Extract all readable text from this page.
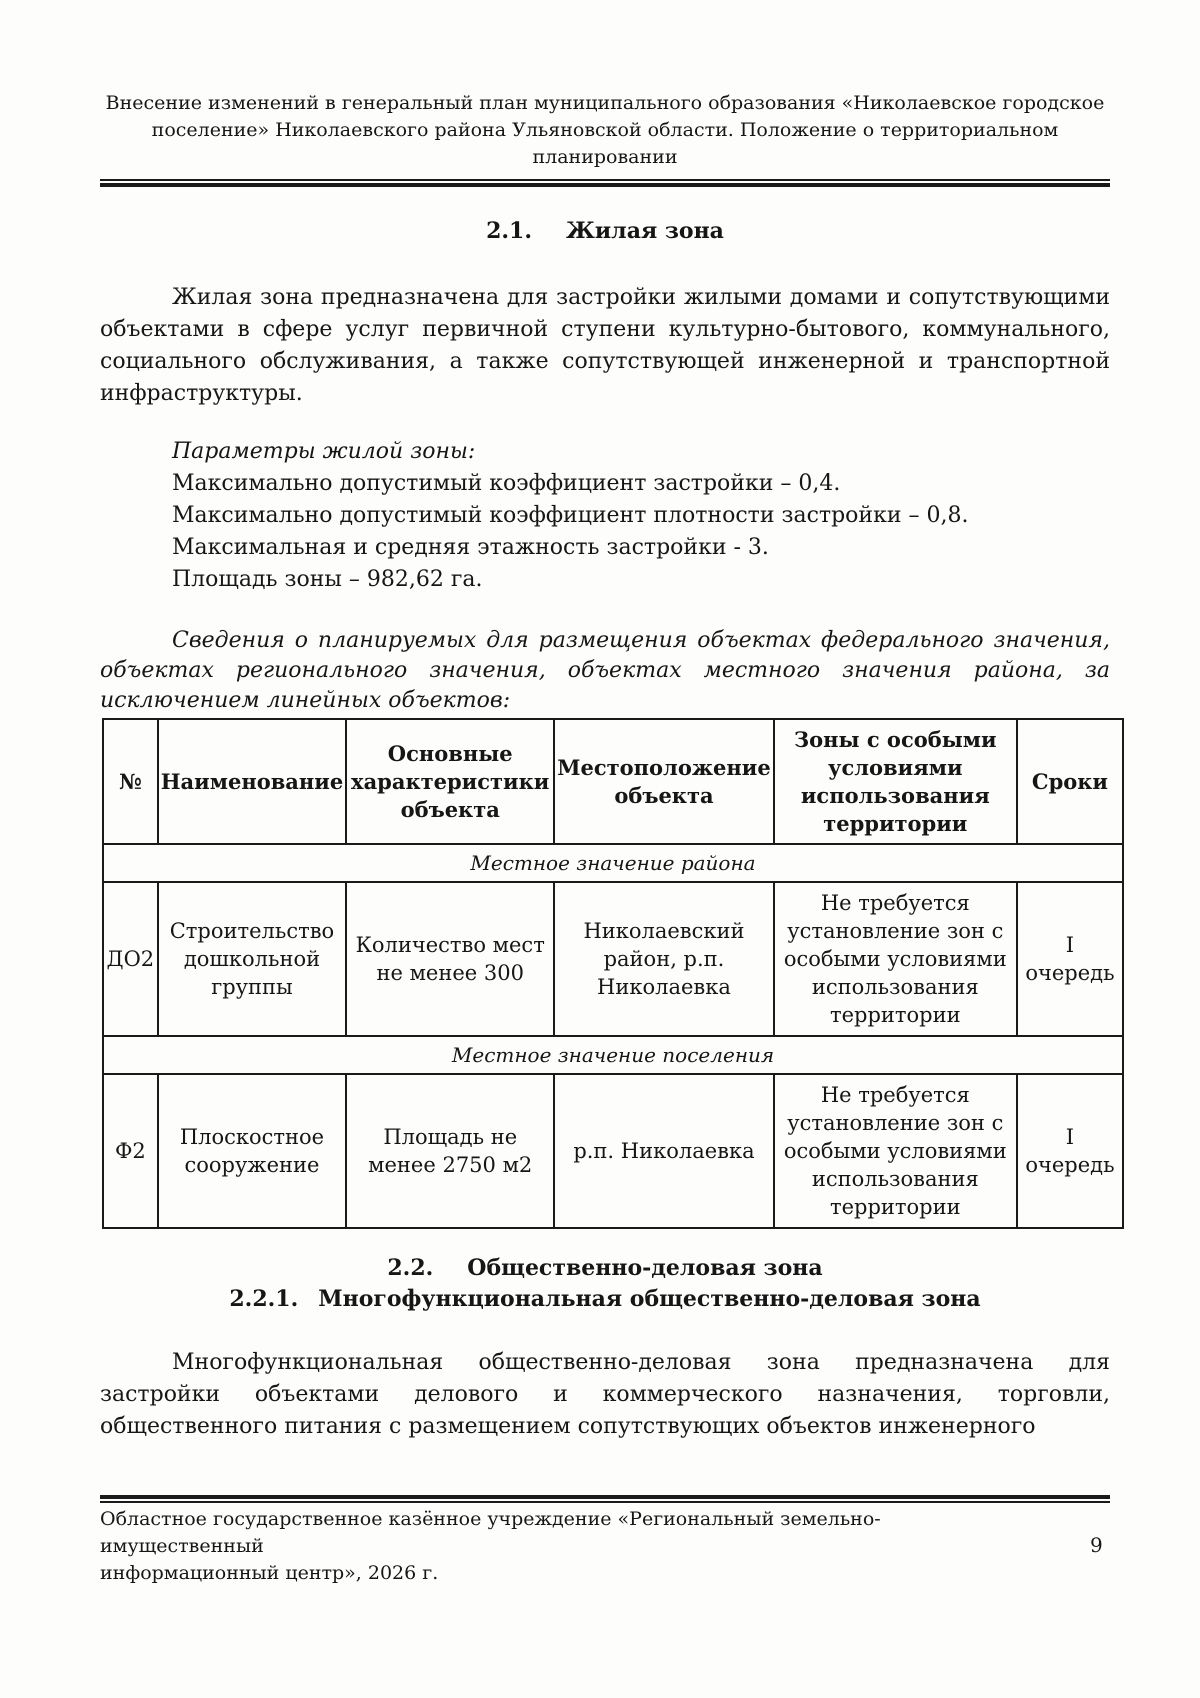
Внесение изменений в генеральный план муниципального образования «Николаевское городское
поселение» Николаевского района Ульяновской области. Положение о территориальном
планировании
2.1. Жилая зона
Жилая зона предназначена для застройки жилыми домами и сопутствующими объектами в сфере услуг первичной ступени культурно-бытового, коммунального, социального обслуживания, а также сопутствующей инженерной и транспортной инфраструктуры.
Параметры жилой зоны:
Максимально допустимый коэффициент застройки – 0,4.
Максимально допустимый коэффициент плотности застройки – 0,8.
Максимальная и средняя этажность застройки - 3.
Площадь зоны – 982,62 га.
Сведения о планируемых для размещения объектах федерального значения, объектах регионального значения, объектах местного значения района, за исключением линейных объектов:
№	Наименование	Основные характеристики объекта	Местоположение объекта	Зоны с особыми условиями использования территории	Сроки
Местное значение района					
ДО2	Строительство дошкольной группы	Количество мест не менее 300	Николаевский район, р.п. Николаевка	Не требуется установление зон с особыми условиями использования территории	I очередь
Местное значение поселения					
Ф2	Плоскостное сооружение	Площадь не менее 2750 м2	р.п. Николаевка	Не требуется установление зон с особыми условиями использования территории	I очередь
2.2. Общественно-деловая зона
2.2.1. Многофункциональная общественно-деловая зона
Многофункциональная общественно-деловая зона предназначена для застройки объектами делового и коммерческого назначения, торговли, общественного питания с размещением сопутствующих объектов инженерного
Областное государственное казённое учреждение «Региональный земельно-имущественный
информационный центр», 2026 г.
9
